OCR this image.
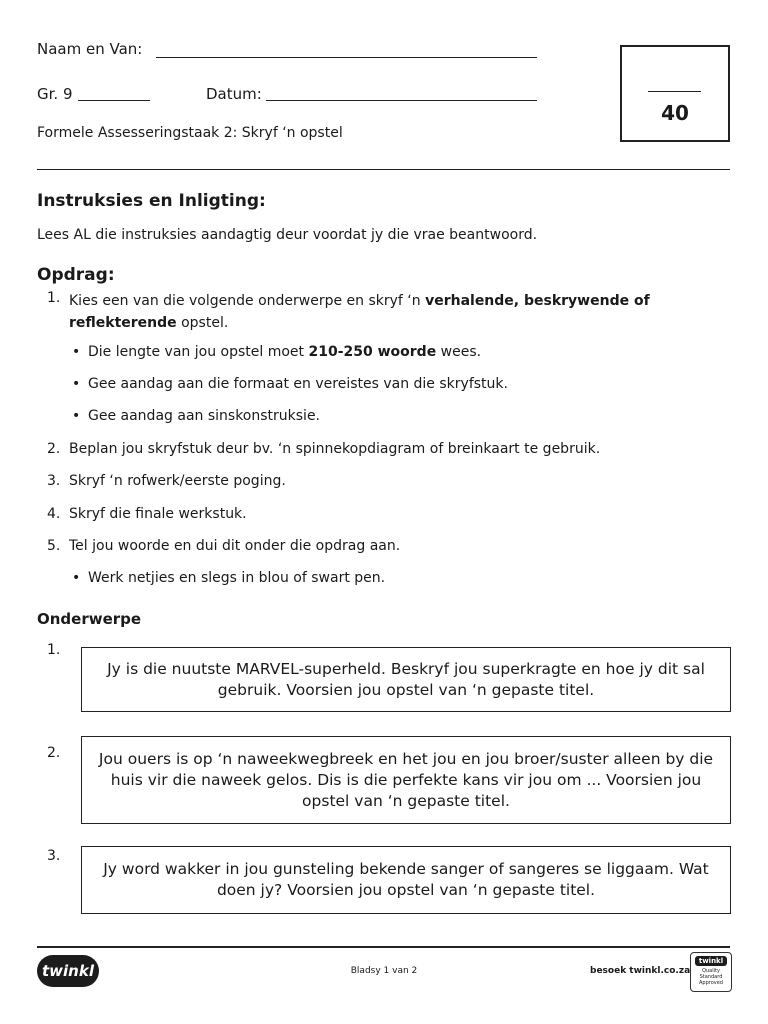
Naam en Van:
Gr. 9	Datum:
Formele Assesseringstaak 2: Skryf ‘n opstel
40
Instruksies en Inligting:
Lees AL die instruksies aandagtig deur voordat jy die vrae beantwoord.
Opdrag:
1. Kies een van die volgende onderwerpe en skryf ‘n verhalende, beskrywende of reflekterende opstel.
• Die lengte van jou opstel moet 210-250 woorde wees.
• Gee aandag aan die formaat en vereistes van die skryfstuk.
• Gee aandag aan sinskonstruksie.
2. Beplan jou skryfstuk deur bv. ‘n spinnekopdiagram of breinkaart te gebruik.
3. Skryf ‘n rofwerk/eerste poging.
4. Skryf die finale werkstuk.
5. Tel jou woorde en dui dit onder die opdrag aan.
• Werk netjies en slegs in blou of swart pen.
Onderwerpe
1.
Jy is die nuutste MARVEL-superheld. Beskryf jou superkragte en hoe jy dit sal gebruik. Voorsien jou opstel van ‘n gepaste titel.
2.	Jou ouers is op ‘n naweekwegbreek en het jou en jou broer/suster alleen by die huis vir die naweek gelos. Dis is die perfekte kans vir jou om ... Voorsien jou opstel van ‘n gepaste titel.
3.
Jy word wakker in jou gunsteling bekende sanger of sangeres se liggaam. Wat doen jy? Voorsien jou opstel van ‘n gepaste titel.
twinkl	Bladsy 1 van 2	besoek twinkl.co.za
twinkl
Quality Standard Approved
